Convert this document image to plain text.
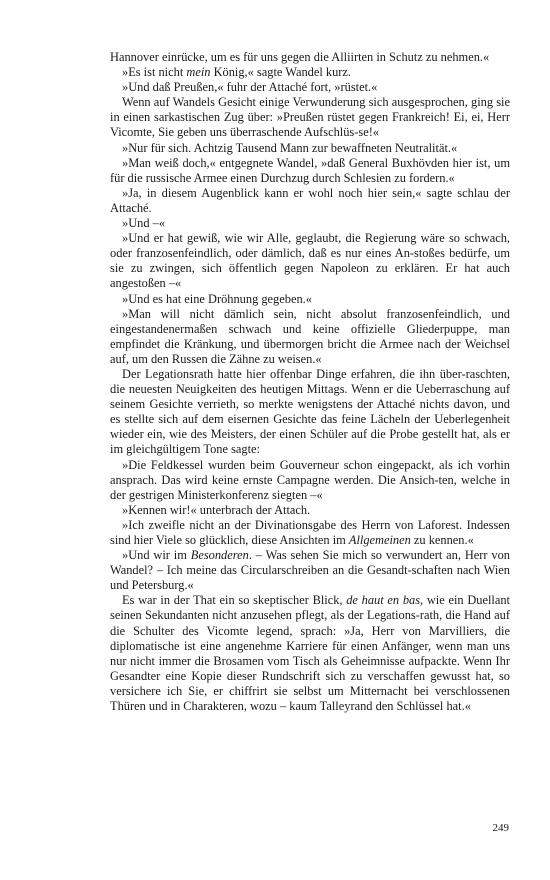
Hannover einrücke, um es für uns gegen die Alliirten in Schutz zu nehmen.«

»Es ist nicht mein König,« sagte Wandel kurz.

»Und daß Preußen,« fuhr der Attaché fort, »rüstet.«

Wenn auf Wandels Gesicht einige Verwunderung sich ausgesprochen, ging sie in einen sarkastischen Zug über: »Preußen rüstet gegen Frankreich! Ei, ei, Herr Vicomte, Sie geben uns überraschende Aufschlüs-se!«

»Nur für sich. Achtzig Tausend Mann zur bewaffneten Neutralität.«

»Man weiß doch,« entgegnete Wandel, »daß General Buxhövden hier ist, um für die russische Armee einen Durchzug durch Schlesien zu fordern.«

»Ja, in diesem Augenblick kann er wohl noch hier sein,« sagte schlau der Attaché.

»Und –«

»Und er hat gewiß, wie wir Alle, geglaubt, die Regierung wäre so schwach, oder franzosenfeindlich, oder dämlich, daß es nur eines An-stoßes bedürfe, um sie zu zwingen, sich öffentlich gegen Napoleon zu erklären. Er hat auch angestoßen –«

»Und es hat eine Dröhnung gegeben.«

»Man will nicht dämlich sein, nicht absolut franzosenfeindlich, und eingestandenermaßen schwach und keine offizielle Gliederpuppe, man empfindet die Kränkung, und übermorgen bricht die Armee nach der Weichsel auf, um den Russen die Zähne zu weisen.«

Der Legationsrath hatte hier offenbar Dinge erfahren, die ihn über-raschten, die neuesten Neuigkeiten des heutigen Mittags. Wenn er die Ueberraschung auf seinem Gesichte verrieth, so merkte wenigstens der Attaché nichts davon, und es stellte sich auf dem eisernen Gesichte das feine Lächeln der Ueberlegenheit wieder ein, wie des Meisters, der einen Schüler auf die Probe gestellt hat, als er im gleichgültigem Tone sagte:

»Die Feldkessel wurden beim Gouverneur schon eingepackt, als ich vorhin ansprach. Das wird keine ernste Campagne werden. Die Ansich-ten, welche in der gestrigen Ministerkonferenz siegten –«

»Kennen wir!« unterbrach der Attach.

»Ich zweifle nicht an der Divinationsgabe des Herrn von Laforest. Indessen sind hier Viele so glücklich, diese Ansichten im Allgemeinen zu kennen.«

»Und wir im Besonderen. – Was sehen Sie mich so verwundert an, Herr von Wandel? – Ich meine das Circularschreiben an die Gesandt-schaften nach Wien und Petersburg.«

Es war in der That ein so skeptischer Blick, de haut en bas, wie ein Duellant seinen Sekundanten nicht anzusehen pflegt, als der Legations-rath, die Hand auf die Schulter des Vicomte legend, sprach: »Ja, Herr von Marvilliers, die diplomatische ist eine angenehme Karriere für einen Anfänger, wenn man uns nur nicht immer die Brosamen vom Tisch als Geheimnisse aufpackte. Wenn Ihr Gesandter eine Kopie dieser Rundschrift sich zu verschaffen gewusst hat, so versichere ich Sie, er chiffrirt sie selbst um Mitternacht bei verschlossenen Thüren und in Charakteren, wozu – kaum Talleyrand den Schlüssel hat.«

249
